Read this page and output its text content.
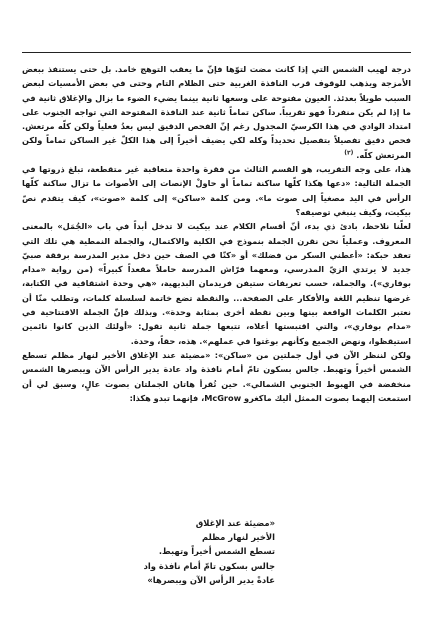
درجة لهيب الشمس التي إذا كانت مضت لتوّها فإنّ ما يعقب التوهج خامد. بل حتى يستنفذ ببعض الأمزجة ويذهب للوقوف قرب النافذة الغربية حتى الظلام التام وحتى في بعض الأمسيات لبعض السبب طويلاً بعدئذ. العيون مفتوحة على وسعها ثانية بينما يضيء الضوء ما بزال والإغلاق ثانية في ما إذا لم يكن منفرداً فهو تقريباً. ساكن تماماً ثانية عند النافذة المفتوحة التي تواجه الجنوب على امتداد الوادي في هذا الكرسيّ المجدول رغم إنّ الفحص الدقيق ليس بعدُ فعلياً ولكن كلّه مرتعش. فحص دقيق تفصيلاً بتفصيل تحديداً وكله لكي يضيف أخيراً إلى هذا الكلّ غير الساكن تماماً ولكن المرتعش كلّه. $^{(٢)}$

هذا، على وجه التقريب، هو القسم الثالث من فقرة واحدة متعاقبة غير متقطعة، تبلغ ذروتها في الجملة التالية: «دعها هكذا كلّها ساكنة تماماً أو حاولْ الإنصات إلى الأصوات ما تزال ساكنة كلّها الرأس في اليد مصغياً إلى صوت ما». ومن كلمة «ساكن» إلى كلمة «صوت»، كيف يتقدم نصّ بيكيت، وكيف ينبغي توصيفه؟

لعلّنا نلاحظ، بادئ ذي بدء، أنّ أقسام الكلام عند بيكيت لا تدخل أبداً في باب «الجُمَل» بالمعنى المعروف. وعملياً نحن نقرن الجملة بنموذج في الكلية والاكتمال، والجملة النمطية هي تلك التي تعقد حبكة: «أعطني السكر من فضلك» أو «كنّا في الصف حين دخل مدير المدرسة برفقة صبيّ جديد لا يرتدي الزيّ المدرسي، ومعهما فرّاش المدرسة حاملاً مقعداً كبيراً» (من رواية «مدام بوفاري»). والجملة، حسب تعريفات ستيفن فريدمان البديهية، «هي وحدة اشتقاقية في الكتابة، غرضها تنظيم اللغة والأفكار على الصفحة... والنقطة تضع خاتمة لسلسلة كلمات، وتطلب منّا أن نعتبر الكلمات الواقعة بينها وبين نقطة أخرى بمثابة وحدة». وبذلك فإنّ الجملة الافتتاحية في «مدام بوفاري»، والتي اقتبستها أعلاه، تتبعها جملة ثانية تقول: «أولئك الذين كانوا نائمين استيقظوا، ونهض الجميع وكأنهم بوغتوا في عملهم». هذه، حقاً، وحدة.

ولكن لننظر الآن في أول جملتين من «ساكن»: «مضيئة عند الإغلاق الأخير لنهار مظلم تسطع الشمس أخيراً وتهبط. جالس بسكون تامّ أمام نافذة واد عادة يدير الرأس الآن ويبصرها الشمس منخفضة في الهبوط الجنوبي الشمالي». حين تُقرأ هاتان الجملتان بصوت عالٍ، وسبق لي أن استمعت إليهما بصوت الممثل أليك ماكغرو McGrow، فإنهما تبدو هكذا:

«مضيئة عند الإغلاق
الأخير لنهار مظلم
تسطع الشمس أخيراً وتهبط.
جالس بسكون تامّ أمام نافذة واد
عادةً يدير الرأس الآن ويبصرها»
